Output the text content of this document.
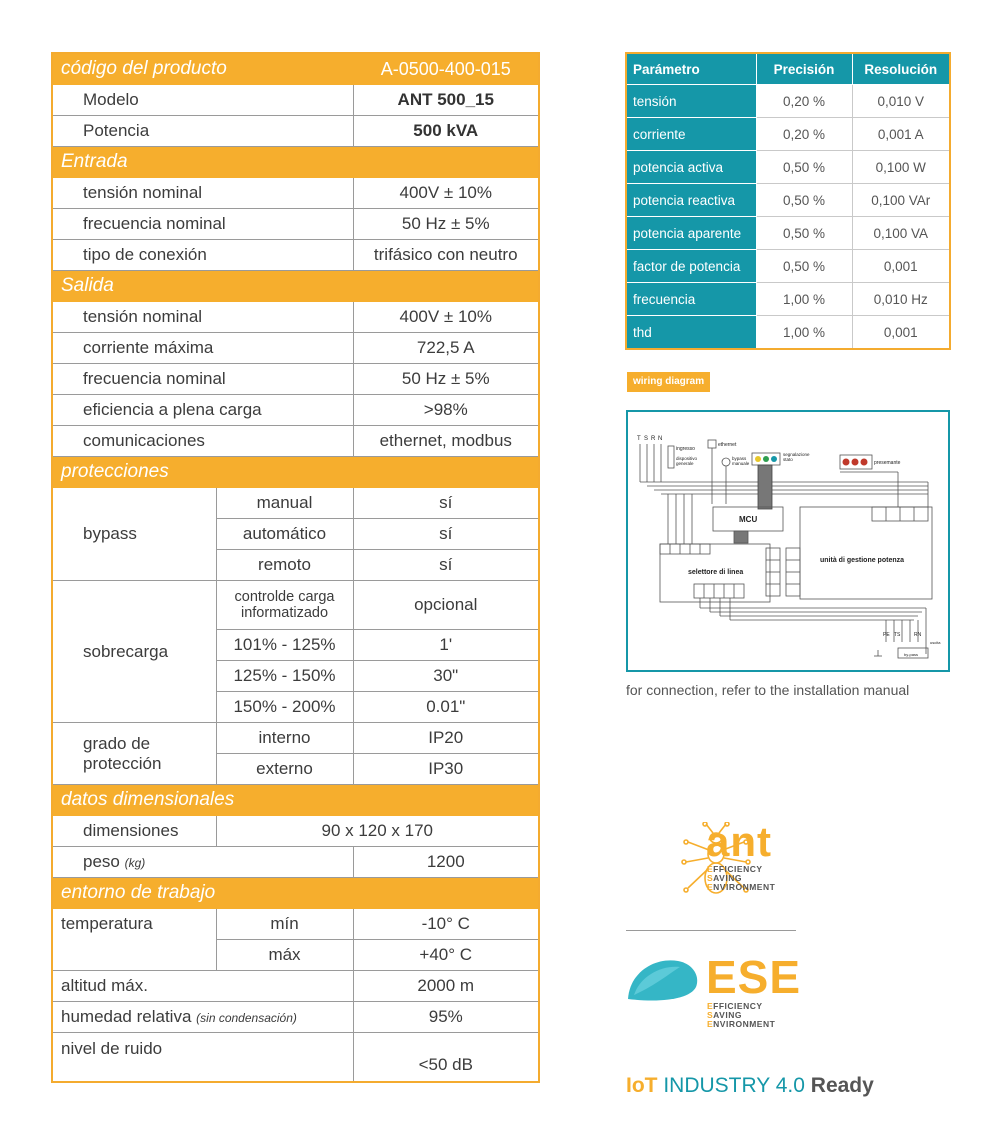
código del producto		A-0500-400-015
Modelo		ANT 500_15
Potencia		500 kVA
Entrada		
tensión nominal		400V ± 10%
frecuencia nominal		50 Hz ± 5%
tipo de conexión		trifásico con neutro
Salida		
tensión nominal		400V ± 10%
corriente máxima		722,5 A
frecuencia nominal		50 Hz ± 5%
eficiencia a plena carga		>98%
comunicaciones		ethernet, modbus
protecciones		
bypass	manual	sí
	automático	sí
	remoto	sí
sobrecarga	controlde carga informatizado	opcional
	101% - 125%	1'
	125% - 150%	30"
	150% - 200%	0.01"
grado de protección	interno	IP20
	externo	IP30
datos dimensionales		
dimensiones	90 x 120 x 170	
peso (kg)		1200
entorno de trabajo		
temperatura	mín	-10° C
	máx	+40° C
altitud máx.		2000 m
humedad relativa (sin condensación)		95%
nivel de ruido		<50 dB
Parámetro	Precisión	Resolución
tensión	0,20 %	0,010 V
corriente	0,20 %	0,001 A
potencia activa	0,50 %	0,100 W
potencia reactiva	0,50 %	0,100 VAr
potencia aparente	0,50 %	0,100 VA
factor de potencia	0,50 %	0,001
frecuencia	1,00 %	0,010 Hz
thd	1,00 %	0,001
wiring diagram
T S R N
ingresso
ethernet
dispositivo
generale
bypass
manuale
segnalazione
stato
presemante
MCU
selettore di linea
unità di gestione potenza
PE TS	RN
uscita
by-pass
for connection, refer to the installation manual
ant
EFFICIENCY
SAVING
ENVIRONMENT
ESE
EFFICIENCY
SAVING
ENVIRONMENT
IoT INDUSTRY 4.0 Ready
